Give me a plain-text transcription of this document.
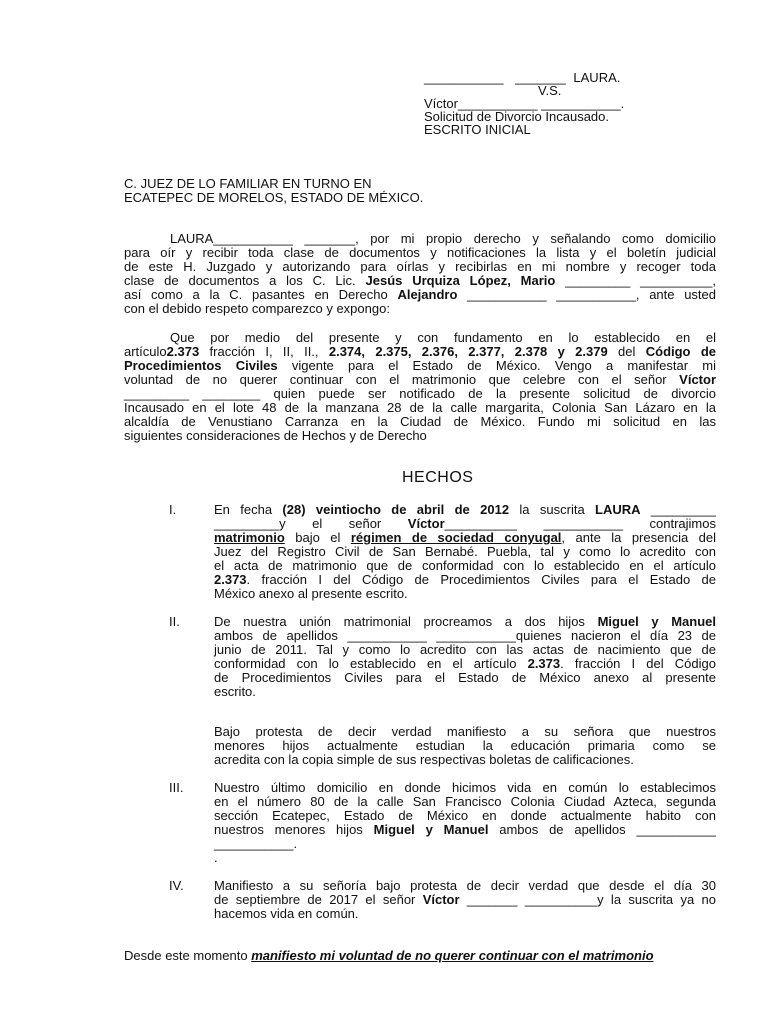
___________ _______ LAURA.
V.S.
Víctor___________ ___________.
Solicitud de Divorcio Incausado.
ESCRITO INICIAL
C. JUEZ DE LO FAMILIAR EN TURNO EN
ECATEPEC DE MORELOS, ESTADO DE MÉXICO.
LAURA___________ _______, por mi propio derecho y señalando como domicilio
para oír y recibir toda clase de documentos y notificaciones la lista y el boletín judicial
de este H. Juzgado y autorizando para oírlas y recibirlas en mi nombre y recoger toda
clase de documentos a los C. Lic. Jesús Urquiza López, Mario _________ __________,
así como a la C. pasantes en Derecho Alejandro ___________ ___________, ante usted
con el debido respeto comparezco y expongo:
Que por medio del presente y con fundamento en lo establecido en el
artículo2.373 fracción I, II, II., 2.374, 2.375, 2.376, 2.377, 2.378 y 2.379 del Código de
Procedimientos Civiles vigente para el Estado de México. Vengo a manifestar mi
voluntad de no querer continuar con el matrimonio que celebre con el señor Víctor
_________ ________ quien puede ser notificado de la presente solicitud de divorcio
Incausado en el lote 48 de la manzana 28 de la calle margarita, Colonia San Lázaro en la
alcaldía de Venustiano Carranza en la Ciudad de México. Fundo mi solicitud en las
siguientes consideraciones de Hechos y de Derecho
HECHOS
I.	En fecha (28) veintiocho de abril de 2012 la suscrita LAURA _________
_________y el señor Víctor__________ ___________ contrajimos
matrimonio bajo el régimen de sociedad conyugal, ante la presencia del
Juez del Registro Civil de San Bernabé. Puebla, tal y como lo acredito con
el acta de matrimonio que de conformidad con lo establecido en el artículo
2.373. fracción I del Código de Procedimientos Civiles para el Estado de
México anexo al presente escrito.
II.	De nuestra unión matrimonial procreamos a dos hijos Miguel y Manuel
ambos de apellidos ___________ ___________quienes nacieron el día 23 de
junio de 2011. Tal y como lo acredito con las actas de nacimiento que de
conformidad con lo establecido en el artículo 2.373. fracción I del Código
de Procedimientos Civiles para el Estado de México anexo al presente
escrito.
Bajo protesta de decir verdad manifiesto a su señora que nuestros
menores hijos actualmente estudian la educación primaria como se
acredita con la copia simple de sus respectivas boletas de calificaciones.
III. Nuestro último domicilio en donde hicimos vida en común lo establecimos
en el número 80 de la calle San Francisco Colonia Ciudad Azteca, segunda
sección Ecatepec, Estado de México en donde actualmente habito con
nuestros menores hijos Miguel y Manuel ambos de apellidos ___________
___________.
.
IV. Manifiesto a su señoría bajo protesta de decir verdad que desde el día 30
de septiembre de 2017 el señor Víctor _______ __________y la suscrita ya no
hacemos vida en común.
Desde este momento manifiesto mi voluntad de no querer continuar con el matrimonio
